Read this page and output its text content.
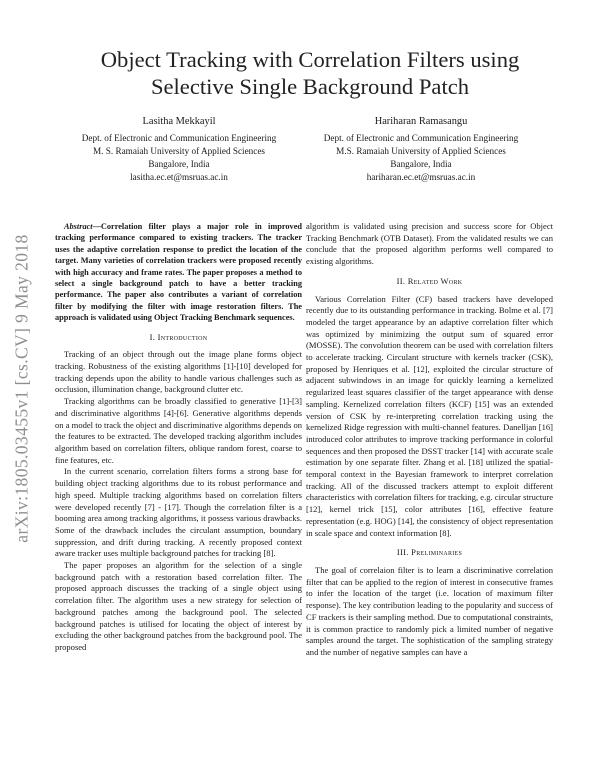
arXiv:1805.03455v1 [cs.CV] 9 May 2018
Object Tracking with Correlation Filters using
Selective Single Background Patch
Lasitha Mekkayil
Dept. of Electronic and Communication Engineering
M. S. Ramaiah University of Applied Sciences
Bangalore, India
lasitha.ec.et@msruas.ac.in
Hariharan Ramasangu
Dept. of Electronic and Communication Engineering
M.S. Ramaiah University of Applied Sciences
Bangalore, India
hariharan.ec.et@msruas.ac.in

Abstract—Correlation filter plays a major role in improved tracking performance compared to existing trackers. The tracker uses the adaptive correlation response to predict the location of the target. Many varieties of correlation trackers were proposed recently with high accuracy and frame rates. The paper proposes a method to select a single background patch to have a better tracking performance. The paper also contributes a variant of correlation filter by modifying the filter with image restoration filters. The approach is validated using Object Tracking Benchmark sequences.

I. Introduction

Tracking of an object through out the image plane forms object tracking. Robustness of the existing algorithms [1]-[10] developed for tracking depends upon the ability to handle various challenges such as occlusion, illumination change, background clutter etc.

Tracking algorithms can be broadly classified to generative [1]-[3] and discriminative algorithms [4]-[6]. Generative algorithms depends on a model to track the object and discriminative algorithms depends on the features to be extracted. The developed tracking algorithm includes algorithm based on correlation filters, oblique random forest, coarse to fine features, etc.

In the current scenario, correlation filters forms a strong base for building object tracking algorithms due to its robust performance and high speed. Multiple tracking algorithms based on correlation filters were developed recently [7] - [17]. Though the correlation filter is a booming area among tracking algorithms, it possess various drawbacks. Some of the drawback includes the circulant assumption, boundary suppression, and drift during tracking. A recently proposed context aware tracker uses multiple background patches for tracking [8].

The paper proposes an algorithm for the selection of a single background patch with a restoration based correlation filter. The proposed approach discusses the tracking of a single object using correlation filter. The algorithm uses a new strategy for selection of background patches among the background pool. The selected background patches is utilised for locating the object of interest by excluding the other background patches from the background pool. The proposed

algorithm is validated using precision and success score for Object Tracking Benchmark (OTB Dataset). From the validated results we can conclude that the proposed algorithm performs well compared to existing algorithms.

II. Related Work

Various Correlation Filter (CF) based trackers have developed recently due to its outstanding performance in tracking. Bolme et al. [7] modeled the target appearance by an adaptive correlation filter which was optimized by minimizing the output sum of squared error (MOSSE). The convolution theorem can be used with correlation filters to accelerate tracking. Circulant structure with kernels tracker (CSK), proposed by Henriques et al. [12], exploited the circular structure of adjacent subwindows in an image for quickly learning a kernelized regularized least squares classifier of the target appearance with dense sampling. Kernelized correlation filters (KCF) [15] was an extended version of CSK by re-interpreting correlation tracking using the kernelized Ridge regression with multi-channel features. Danelljan [16] introduced color attributes to improve tracking performance in colorful sequences and then proposed the DSST tracker [14] with accurate scale estimation by one separate filter. Zhang et al. [18] utilized the spatial-temporal context in the Bayesian framework to interpret correlation tracking. All of the discussed trackers attempt to exploit different characteristics with correlation filters for tracking, e.g. circular structure [12], kernel trick [15], color attributes [16], effective feature representation (e.g. HOG) [14], the consistency of object representation in scale space and context information [8].

III. Preliminaries

The goal of correlaion filter is to learn a discriminative correlation filter that can be applied to the region of interest in consecutive frames to infer the location of the target (i.e. location of maximum filter response). The key contribution leading to the popularity and success of CF trackers is their sampling method. Due to computational constraints, it is common practice to randomly pick a limited number of negative samples around the target. The sophistication of the sampling strategy and the number of negative samples can have a
